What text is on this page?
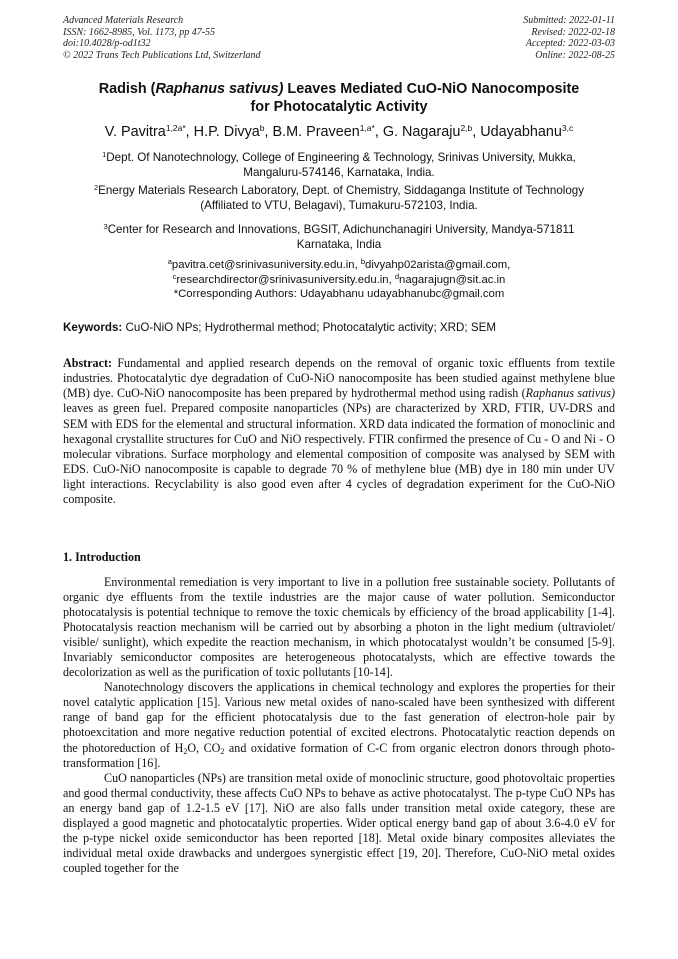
Advanced Materials Research
ISSN: 1662-8985, Vol. 1173, pp 47-55
doi:10.4028/p-od1t32
© 2022 Trans Tech Publications Ltd, Switzerland
Submitted: 2022-01-11
Revised: 2022-02-18
Accepted: 2022-03-03
Online: 2022-08-25
Radish (Raphanus sativus) Leaves Mediated CuO-NiO Nanocomposite
for Photocatalytic Activity
V. Pavitra$^{1,2a*}$, H.P. Divya$^b$, B.M. Praveen$^{1,a*}$, G. Nagaraju$^{2,b}$, Udayabhanu$^{3,c}$
$^1$Dept. Of Nanotechnology, College of Engineering & Technology, Srinivas University, Mukka,
Mangaluru-574146, Karnataka, India.
$^2$Energy Materials Research Laboratory, Dept. of Chemistry, Siddaganga Institute of Technology
(Affiliated to VTU, Belagavi), Tumakuru-572103, India.
$^3$Center for Research and Innovations, BGSIT, Adichunchanagiri University, Mandya-571811
Karnataka, India
$^a$pavitra.cet@srinivasuniversity.edu.in, $^b$divyahp02arista@gmail.com,
$^c$researchdirector@srinivasuniversity.edu.in, $^d$nagarajugn@sit.ac.in
*Corresponding Authors: Udayabhanu udayabhanubc@gmail.com
Keywords: CuO-NiO NPs; Hydrothermal method; Photocatalytic activity; XRD; SEM
Abstract: Fundamental and applied research depends on the removal of organic toxic effluents from textile industries. Photocatalytic dye degradation of CuO-NiO nanocomposite has been studied against methylene blue (MB) dye. CuO-NiO nanocomposite has been prepared by hydrothermal method using radish (Raphanus sativus) leaves as green fuel. Prepared composite nanoparticles (NPs) are characterized by XRD, FTIR, UV-DRS and SEM with EDS for the elemental and structural information. XRD data indicated the formation of monoclinic and hexagonal crystallite structures for CuO and NiO respectively. FTIR confirmed the presence of Cu - O and Ni - O molecular vibrations. Surface morphology and elemental composition of composite was analysed by SEM with EDS. CuO-NiO nanocomposite is capable to degrade 70 % of methylene blue (MB) dye in 180 min under UV light interactions. Recyclability is also good even after 4 cycles of degradation experiment for the CuO-NiO composite.
1. Introduction

Environmental remediation is very important to live in a pollution free sustainable society. Pollutants of organic dye effluents from the textile industries are the major cause of water pollution. Semiconductor photocatalysis is potential technique to remove the toxic chemicals by efficiency of the broad applicability [1-4]. Photocatalysis reaction mechanism will be carried out by absorbing a photon in the light medium (ultraviolet/ visible/ sunlight), which expedite the reaction mechanism, in which photocatalyst wouldn’t be consumed [5-9]. Invariably semiconductor composites are heterogeneous photocatalysts, which are effective towards the decolorization as well as the purification of toxic pollutants [10-14].

Nanotechnology discovers the applications in chemical technology and explores the properties for their novel catalytic application [15]. Various new metal oxides of nano-scaled have been synthesized with different range of band gap for the efficient photocatalysis due to the fast generation of electron-hole pair by photoexcitation and more negative reduction potential of excited electrons. Photocatalytic reaction depends on the photoreduction of $H_2O$, $CO_2$ and oxidative formation of C-C from organic electron donors through photo-transformation [16].

CuO nanoparticles (NPs) are transition metal oxide of monoclinic structure, good photovoltaic properties and good thermal conductivity, these affects CuO NPs to behave as active photocatalyst. The p-type CuO NPs has an energy band gap of 1.2-1.5 eV [17]. NiO are also falls under transition metal oxide category, these are displayed a good magnetic and photocatalytic properties. Wider optical energy band gap of about 3.6-4.0 eV for the p-type nickel oxide semiconductor has been reported [18]. Metal oxide binary composites alleviates the individual metal oxide drawbacks and undergoes synergistic effect [19, 20]. Therefore, CuO-NiO metal oxides coupled together for the
